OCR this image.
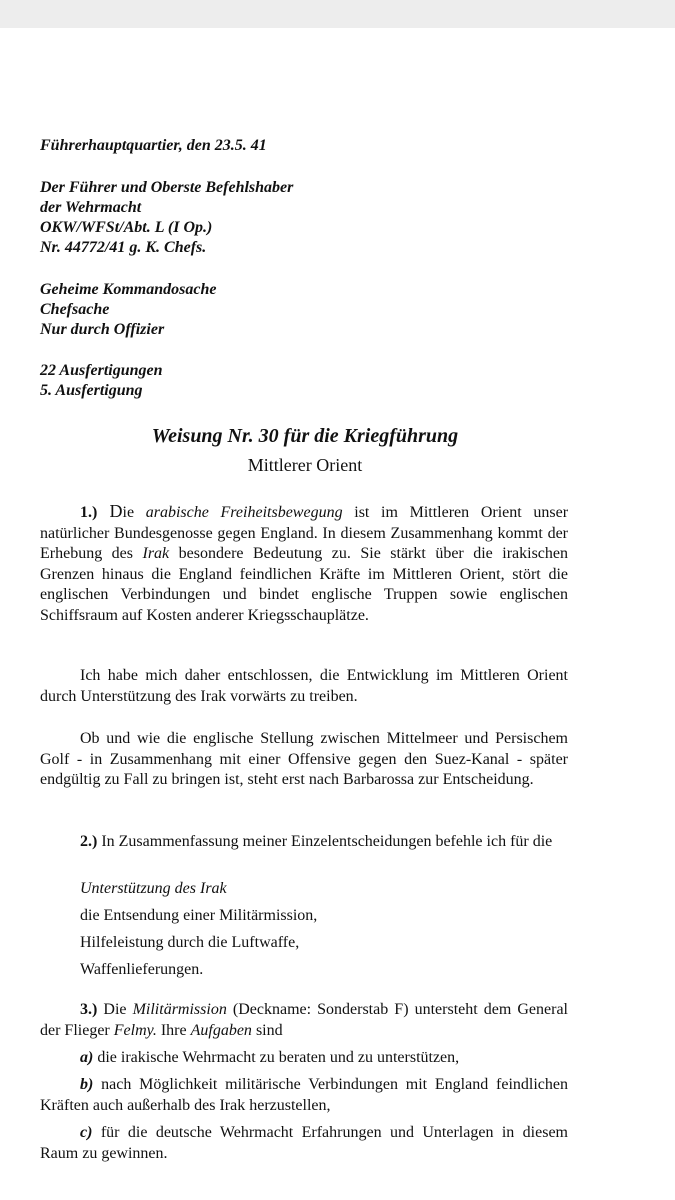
Führerhauptquartier, den 23.5. 41

Der Führer und Oberste Befehlshaber

der Wehrmacht

OKW/WFSt/Abt. L (I Op.)

Nr. 44772/41 g. K. Chefs.

Geheime Kommandosache

Chefsache

Nur durch Offizier

22 Ausfertigungen

5. Ausfertigung

Weisung Nr. 30 für die Kriegführung
Mittlerer Orient

1.) Die arabische Freiheitsbewegung ist im Mittleren Orient unser natürlicher Bundesgenosse gegen England. In diesem Zusammenhang kommt der Erhebung des Irak besondere Bedeutung zu. Sie stärkt über die irakischen Grenzen hinaus die England feindlichen Kräfte im Mittleren Orient, stört die englischen Verbindungen und bindet englische Truppen sowie englischen Schiffsraum auf Kosten anderer Kriegsschauplätze.

Ich habe mich daher entschlossen, die Entwicklung im Mittleren Orient durch Unterstützung des Irak vorwärts zu treiben.

Ob und wie die englische Stellung zwischen Mittelmeer und Persischem Golf - in Zusammenhang mit einer Offensive gegen den Suez-Kanal - später endgültig zu Fall zu bringen ist, steht erst nach Barbarossa zur Entscheidung.

2.) In Zusammenfassung meiner Einzelentscheidungen befehle ich für die

Unterstützung des Irak

die Entsendung einer Militärmission,

Hilfeleistung durch die Luftwaffe,

Waffenlieferungen.

3.) Die Militärmission (Deckname: Sonderstab F) untersteht dem General der Flieger Felmy. Ihre Aufgaben sind

a) die irakische Wehrmacht zu beraten und zu unterstützen,

b) nach Möglichkeit militärische Verbindungen mit England feindlichen Kräften auch außerhalb des Irak herzustellen,

c) für die deutsche Wehrmacht Erfahrungen und Unterlagen in diesem Raum zu gewinnen.
